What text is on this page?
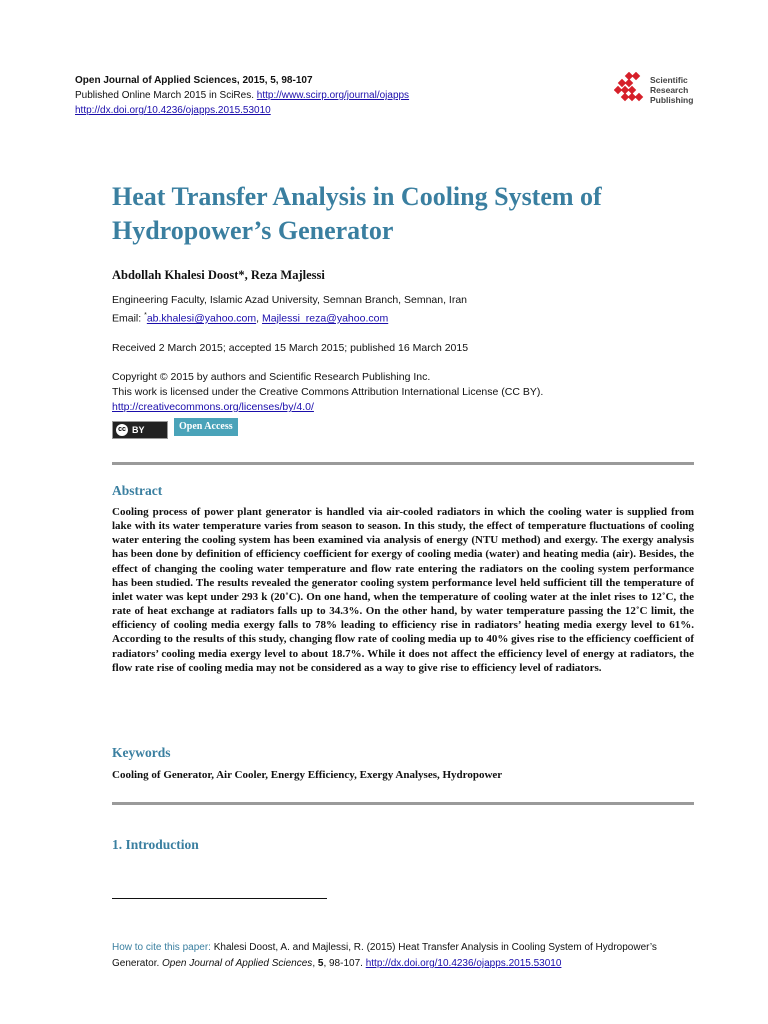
Open Journal of Applied Sciences, 2015, 5, 98-107
Published Online March 2015 in SciRes. http://www.scirp.org/journal/ojapps
http://dx.doi.org/10.4236/ojapps.2015.53010
Scientific
Research
Publishing
Heat Transfer Analysis in Cooling System of
Hydropower’s Generator
Abdollah Khalesi Doost*, Reza Majlessi
Engineering Faculty, Islamic Azad University, Semnan Branch, Semnan, Iran
Email: *ab.khalesi@yahoo.com, Majlessi_reza@yahoo.com
Received 2 March 2015; accepted 15 March 2015; published 16 March 2015
Copyright © 2015 by authors and Scientific Research Publishing Inc.
This work is licensed under the Creative Commons Attribution International License (CC BY).
http://creativecommons.org/licenses/by/4.0/
cc BY	Open Access
Abstract
Cooling process of power plant generator is handled via air-cooled radiators in which the cooling water is supplied from lake with its water temperature varies from season to season. In this study, the effect of temperature fluctuations of cooling water entering the cooling system has been examined via analysis of energy (NTU method) and exergy. The exergy analysis has been done by definition of efficiency coefficient for exergy of cooling media (water) and heating media (air). Besides, the effect of changing the cooling water temperature and flow rate entering the radiators on the cooling system performance has been studied. The results revealed the generator cooling system performance level held sufficient till the temperature of inlet water was kept under 293 k (20˚C). On one hand, when the temperature of cooling water at the inlet rises to 12˚C, the rate of heat exchange at radiators falls up to 34.3%. On the other hand, by water temperature passing the 12˚C limit, the efficiency of cooling media exergy falls to 78% leading to efficiency rise in radiators’ heating media exergy level to 61%. According to the results of this study, changing flow rate of cooling media up to 40% gives rise to the efficiency coefficient of radiators’ cooling media exergy level to about 18.7%. While it does not affect the efficiency level of energy at radiators, the flow rate rise of cooling media may not be considered as a way to give rise to efficiency level of radiators.
Keywords
Cooling of Generator, Air Cooler, Energy Efficiency, Exergy Analyses, Hydropower
1. Introduction
How to cite this paper: Khalesi Doost, A. and Majlessi, R. (2015) Heat Transfer Analysis in Cooling System of Hydropower’s Generator. Open Journal of Applied Sciences, 5, 98-107. http://dx.doi.org/10.4236/ojapps.2015.53010
